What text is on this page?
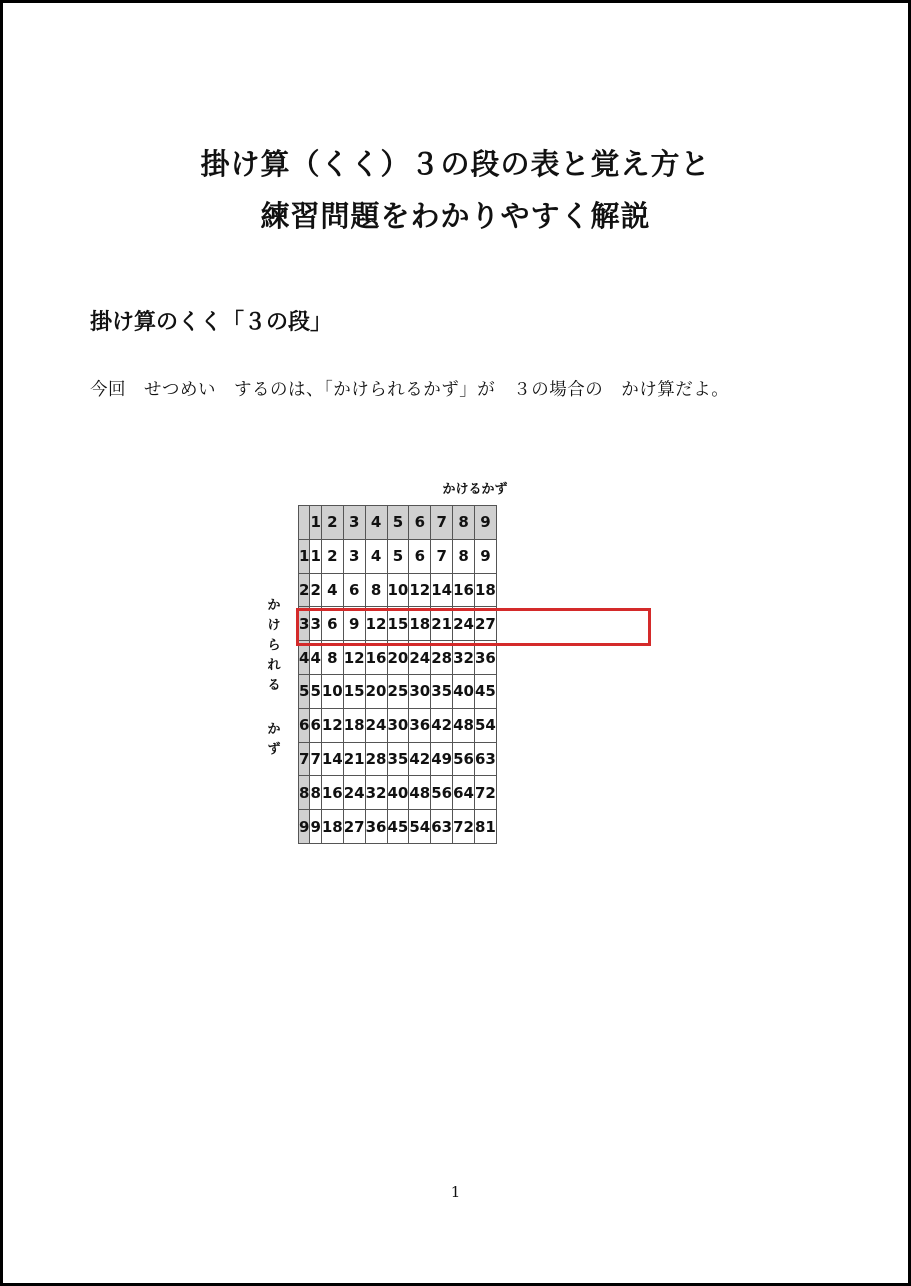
掛け算（くく）３の段の表と覚え方と
練習問題をわかりやすく解説
掛け算のくく「３の段」
今回　せつめい　するのは、「かけられるかず」が　３の場合の　かけ算だよ。
かけるかず
か
け
ら
れ
る
か
ず
	1	2	3	4	5	6	7	8	9
1	1	2	3	4	5	6	7	8	9
2	2	4	6	8	10	12	14	16	18
3	3	6	9	12	15	18	21	24	27
4	4	8	12	16	20	24	28	32	36
5	5	10	15	20	25	30	35	40	45
6	6	12	18	24	30	36	42	48	54
7	7	14	21	28	35	42	49	56	63
8	8	16	24	32	40	48	56	64	72
9	9	18	27	36	45	54	63	72	81
1
